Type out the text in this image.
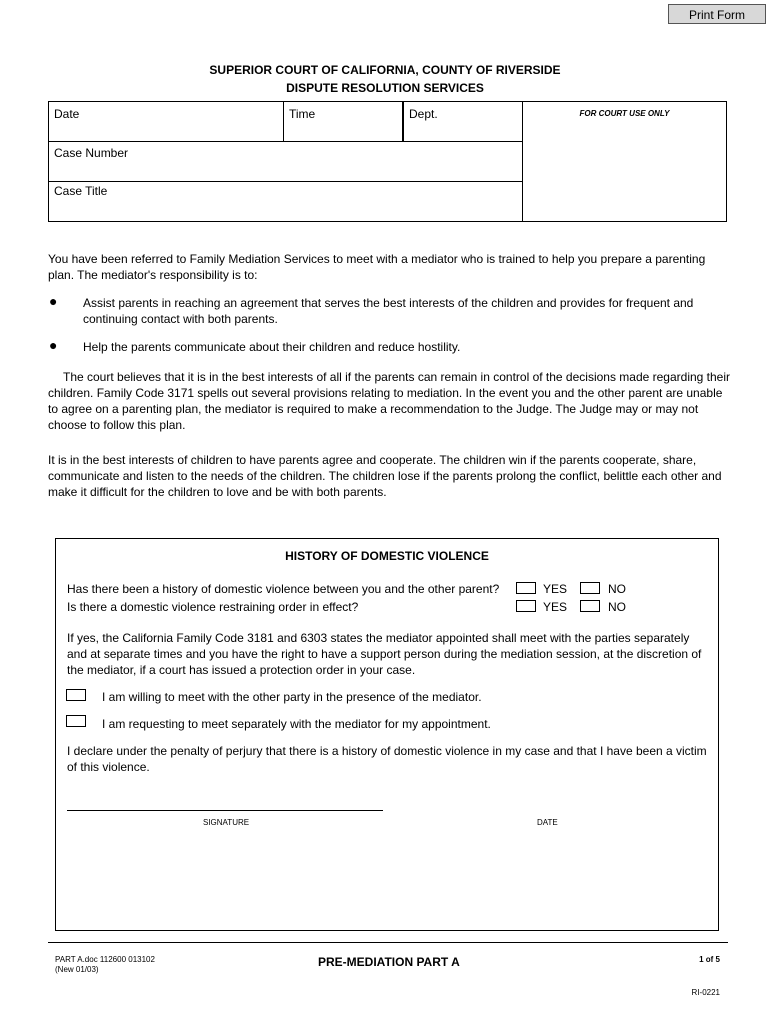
Print Form
SUPERIOR COURT OF CALIFORNIA, COUNTY OF RIVERSIDE
DISPUTE RESOLUTION SERVICES
Date	Time	Dept.	FOR COURT USE ONLY
Case Number
Case Title
You have been referred to Family Mediation Services to meet with a mediator who is trained to help you prepare a parenting plan. The mediator's responsibility is to:
● Assist parents in reaching an agreement that serves the best interests of the children and provides for frequent and continuing contact with both parents.
● Help the parents communicate about their children and reduce hostility.
The court believes that it is in the best interests of all if the parents can remain in control of the decisions made regarding their children. Family Code 3171 spells out several provisions relating to mediation. In the event you and the other parent are unable to agree on a parenting plan, the mediator is required to make a recommendation to the Judge. The Judge may or may not choose to follow this plan.
It is in the best interests of children to have parents agree and cooperate. The children win if the parents cooperate, share, communicate and listen to the needs of the children. The children lose if the parents prolong the conflict, belittle each other and make it difficult for the children to love and be with both parents.
HISTORY OF DOMESTIC VIOLENCE
Has there been a history of domestic violence between you and the other parent?	YES	NO
Is there a domestic violence restraining order in effect?	YES	NO
If yes, the California Family Code 3181 and 6303 states the mediator appointed shall meet with the parties separately and at separate times and you have the right to have a support person during the mediation session, at the discretion of the mediator, if a court has issued a protection order in your case.
I am willing to meet with the other party in the presence of the mediator.
I am requesting to meet separately with the mediator for my appointment.
I declare under the penalty of perjury that there is a history of domestic violence in my case and that I have been a victim of this violence.
SIGNATURE	DATE
PART A.doc 112600 013102
(New 01/03)
PRE-MEDIATION PART A	1 of 5
RI-0221
